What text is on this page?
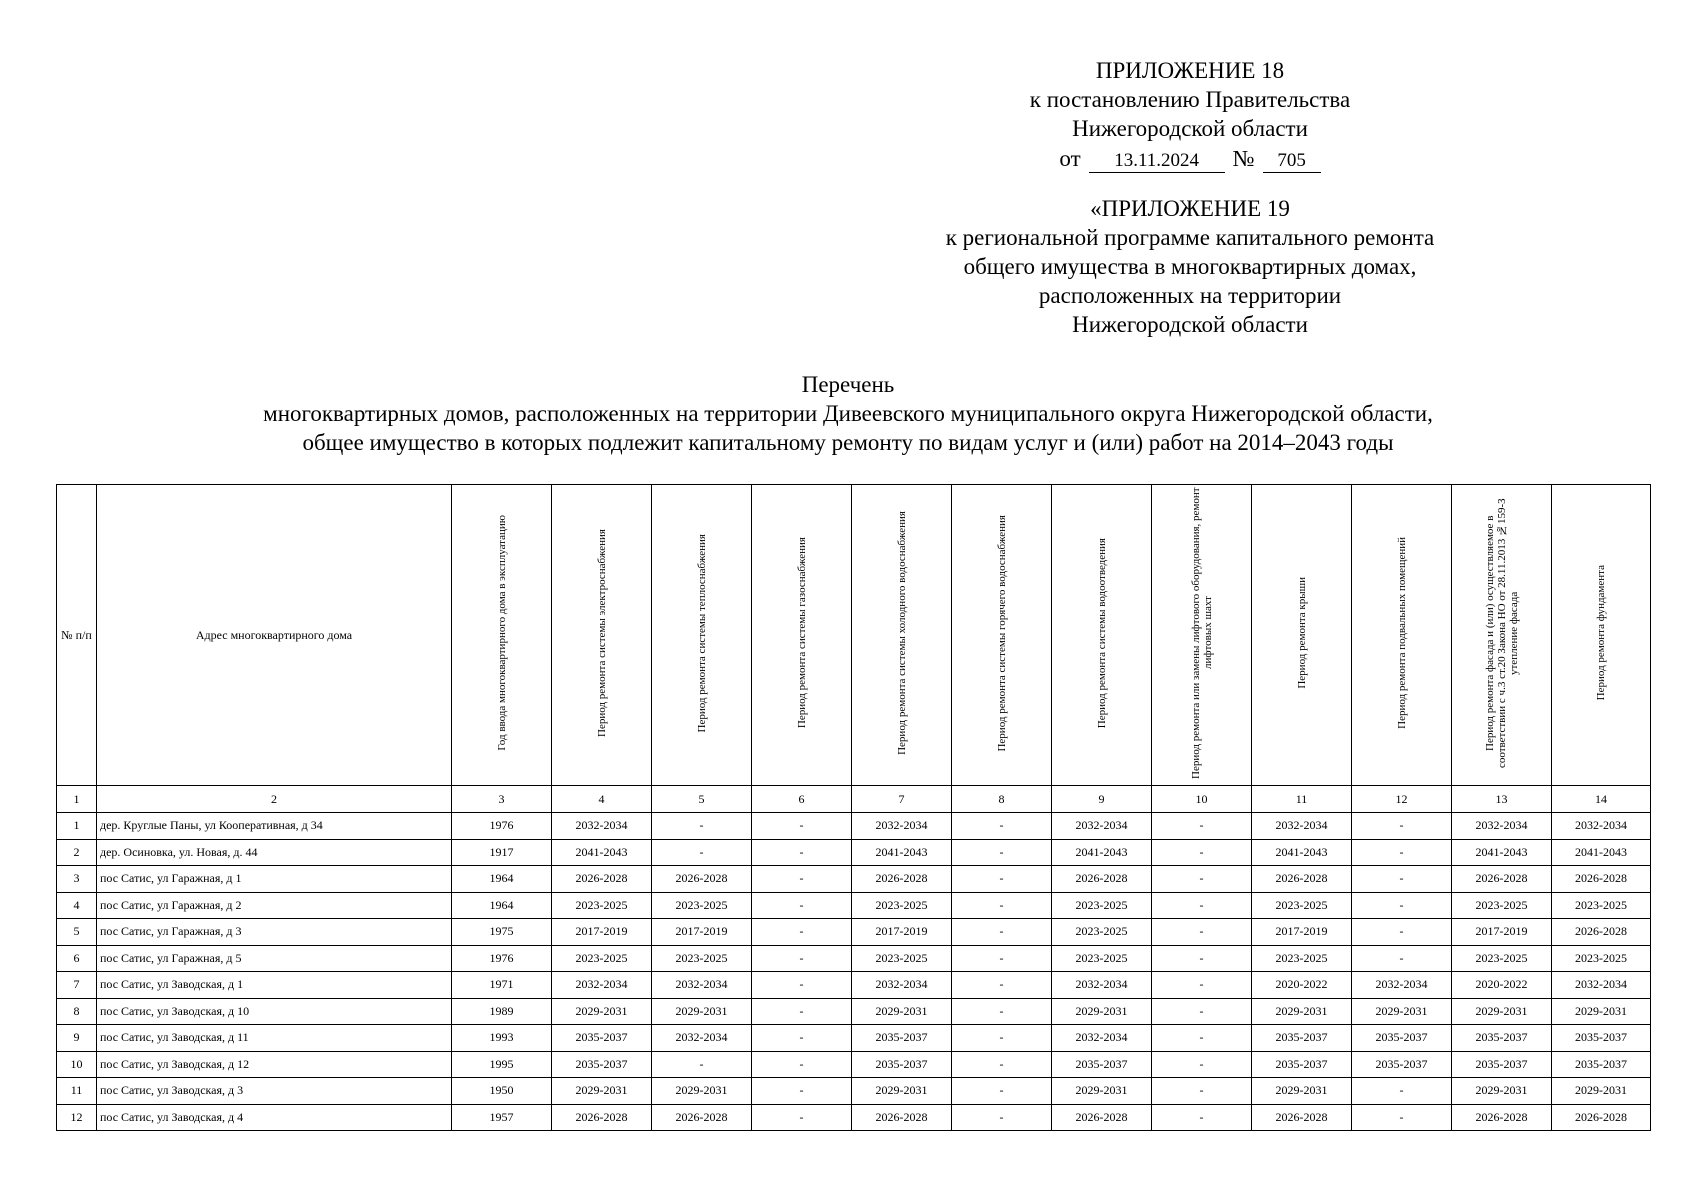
ПРИЛОЖЕНИЕ 18
к постановлению Правительства
Нижегородской области
от	13.11.2024	№	705
«ПРИЛОЖЕНИЕ 19
к региональной программе капитального ремонта
общего имущества в многоквартирных домах,
расположенных на территории
Нижегородской области
Перечень
многоквартирных домов, расположенных на территории Дивеевского муниципального округа Нижегородской области,
общее имущество в которых подлежит капитальному ремонту по видам услуг и (или) работ на 2014–2043 годы
№ п/п	Адрес многоквартирного дома	Год ввода многоквартирного дома в эксплуатацию	Период ремонта системы электроснабжения	Период ремонта системы теплоснабжения	Период ремонта системы газоснабжения	Период ремонта системы холодного водоснабжения	Период ремонта системы горячего водоснабжения	Период ремонта системы водоотведения	Период ремонта или замены лифтового оборудования, ремонт лифтовых шахт	Период ремонта крыши	Период ремонта подвальных помещений	Период ремонта фасада и (или) осуществляемое в соответствии с ч.3 ст.20 Закона НО от 28.11.2013 №159-З утепление фасада	Период ремонта фундамента
1	2	3	4	5	6	7	8	9	10	11	12	13	14
1	дер. Круглые Паны, ул Кооперативная, д 34	1976	2032-2034	-	-	2032-2034	-	2032-2034	-	2032-2034	-	2032-2034	2032-2034
2	дер. Осиновка, ул. Новая, д. 44	1917	2041-2043	-	-	2041-2043	-	2041-2043	-	2041-2043	-	2041-2043	2041-2043
3	пос Сатис, ул Гаражная, д 1	1964	2026-2028	2026-2028	-	2026-2028	-	2026-2028	-	2026-2028	-	2026-2028	2026-2028
4	пос Сатис, ул Гаражная, д 2	1964	2023-2025	2023-2025	-	2023-2025	-	2023-2025	-	2023-2025	-	2023-2025	2023-2025
5	пос Сатис, ул Гаражная, д 3	1975	2017-2019	2017-2019	-	2017-2019	-	2023-2025	-	2017-2019	-	2017-2019	2026-2028
6	пос Сатис, ул Гаражная, д 5	1976	2023-2025	2023-2025	-	2023-2025	-	2023-2025	-	2023-2025	-	2023-2025	2023-2025
7	пос Сатис, ул Заводская, д 1	1971	2032-2034	2032-2034	-	2032-2034	-	2032-2034	-	2020-2022	2032-2034	2020-2022	2032-2034
8	пос Сатис, ул Заводская, д 10	1989	2029-2031	2029-2031	-	2029-2031	-	2029-2031	-	2029-2031	2029-2031	2029-2031	2029-2031
9	пос Сатис, ул Заводская, д 11	1993	2035-2037	2032-2034	-	2035-2037	-	2032-2034	-	2035-2037	2035-2037	2035-2037	2035-2037
10	пос Сатис, ул Заводская, д 12	1995	2035-2037	-	-	2035-2037	-	2035-2037	-	2035-2037	2035-2037	2035-2037	2035-2037
11	пос Сатис, ул Заводская, д 3	1950	2029-2031	2029-2031	-	2029-2031	-	2029-2031	-	2029-2031	-	2029-2031	2029-2031
12	пос Сатис, ул Заводская, д 4	1957	2026-2028	2026-2028	-	2026-2028	-	2026-2028	-	2026-2028	-	2026-2028	2026-2028
